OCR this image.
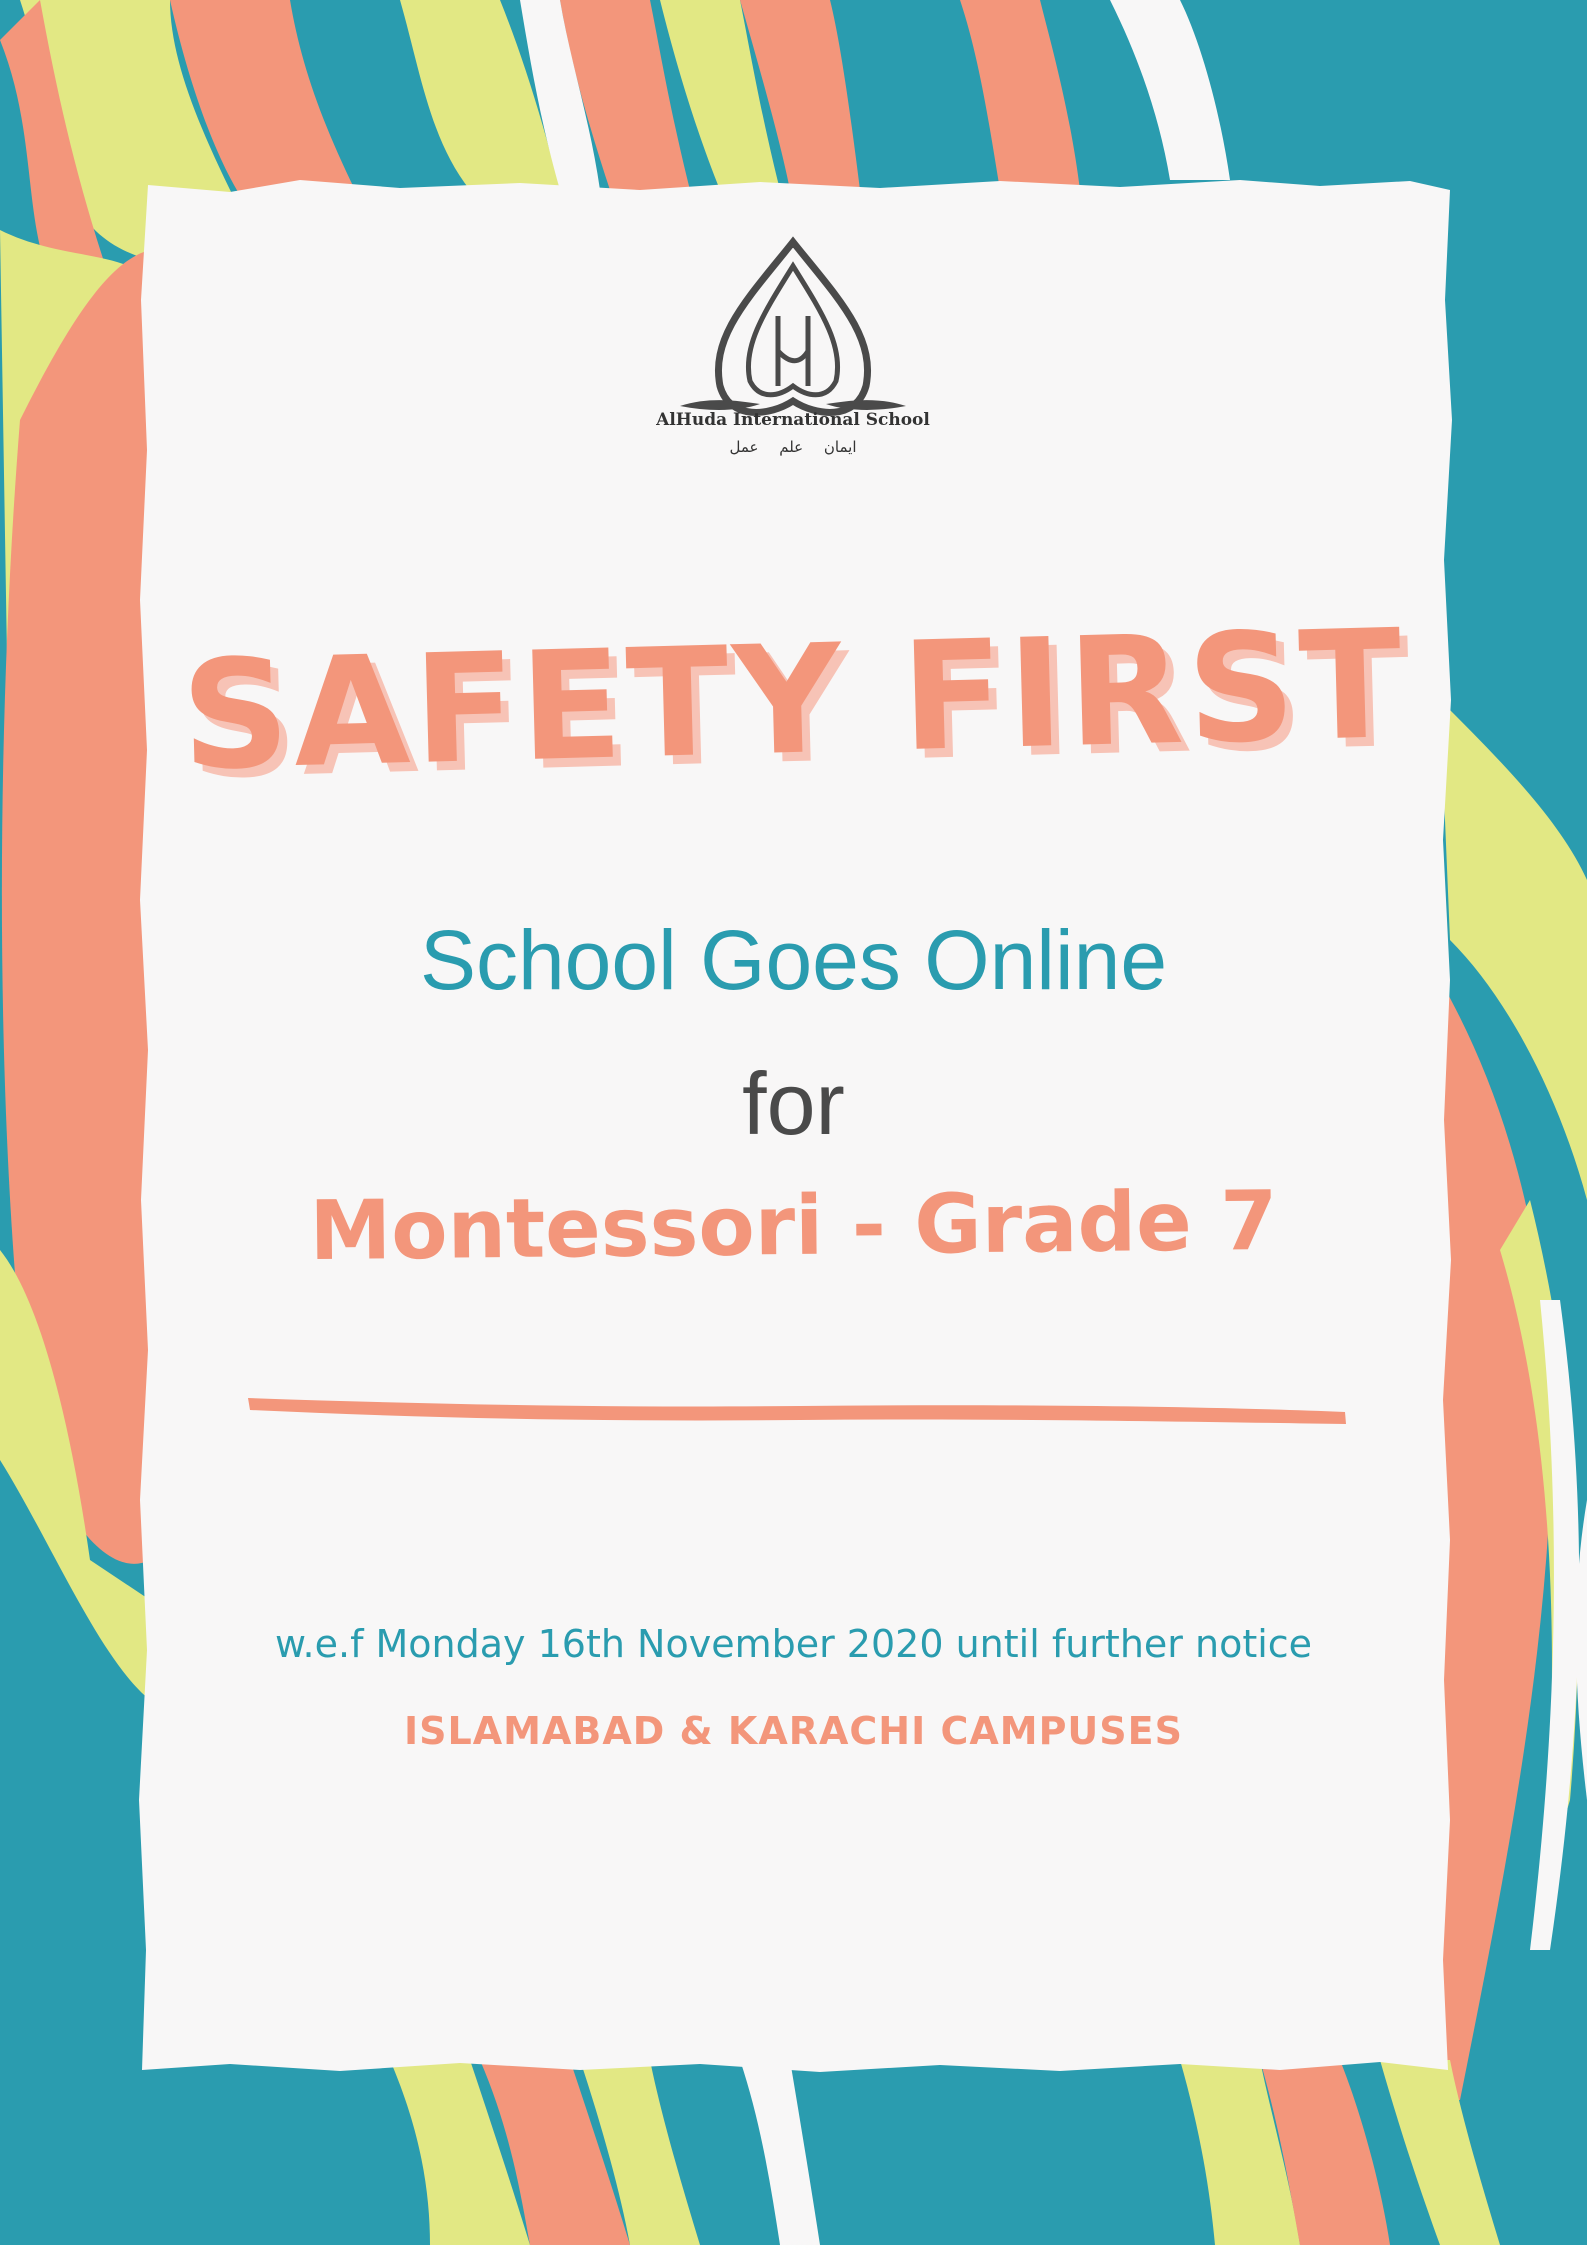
AlHuda International School
ایمان علم عمل
SAFETY FIRST
School Goes Online
for
Montessori - Grade 7
w.e.f Monday 16th November 2020 until further notice
ISLAMABAD & KARACHI CAMPUSES
